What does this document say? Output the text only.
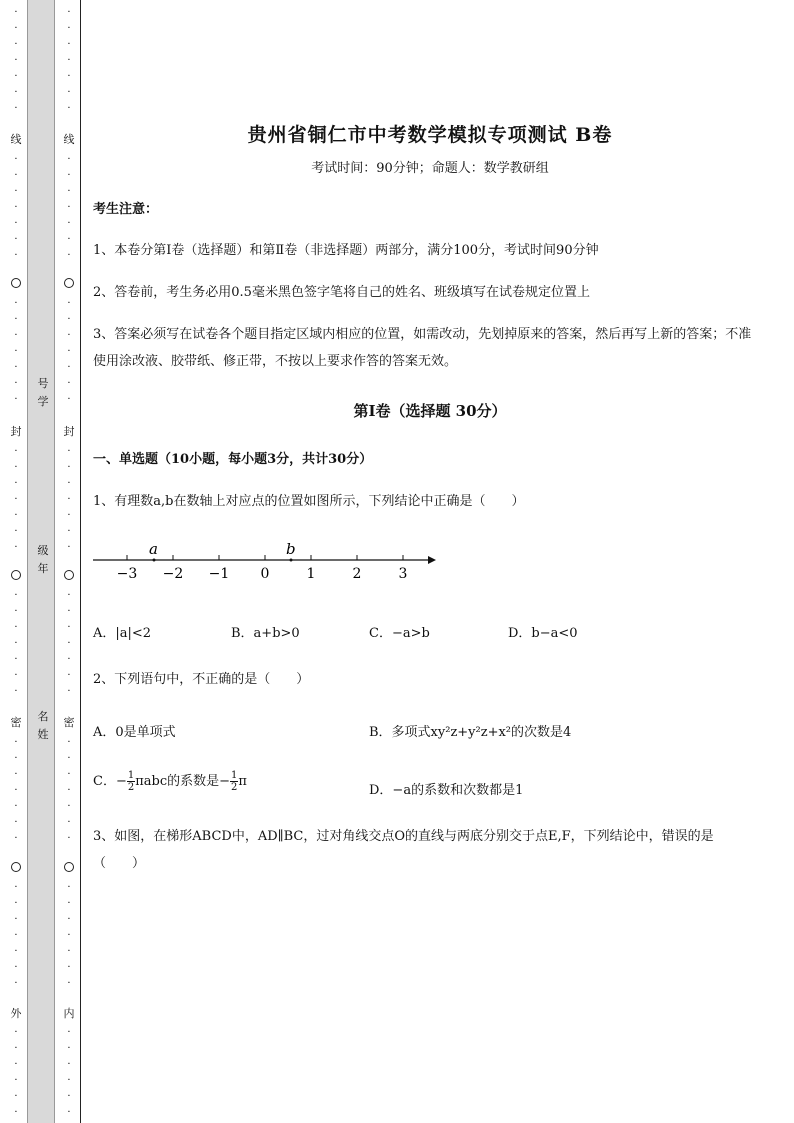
·
·
·
·
·
·
·

线
·
·
·
·
·
·
·

·
·
·
·
·
·
·

封
·
·
·
·
·
·
·

·
·
·
·
·
·
·

密
·
·
·
·
·
·
·

·
·
·
·
·
·
·

外
·
·
·
·
·
·

号学
级年
名姓
·
·
·
·
·
·
·

线
·
·
·
·
·
·
·

·
·
·
·
·
·
·

封
·
·
·
·
·
·
·

·
·
·
·
·
·
·

密
·
·
·
·
·
·
·

·
·
·
·
·
·
·

内
·
·
·
·
·
·

贵州省铜仁市中考数学模拟专项测试 B卷
考试时间：90分钟；命题人：数学教研组
考生注意：
1、本卷分第I卷（选择题）和第Ⅱ卷（非选择题）两部分，满分100分，考试时间90分钟
2、答卷前，考生务必用0.5毫米黑色签字笔将自己的姓名、班级填写在试卷规定位置上
3、答案必须写在试卷各个题目指定区域内相应的位置，如需改动，先划掉原来的答案，然后再写上新的答案；不准使用涂改液、胶带纸、修正带，不按以上要求作答的答案无效。
第I卷（选择题 30分）
一、单选题（10小题，每小题3分，共计30分）
1、有理数a,b在数轴上对应点的位置如图所示，下列结论中正确是（　　）
−3 −2 −1 0	1	2	3
a	b
A．|a|<2	B．a+b>0	C．−a>b	D．b−a<0
2、下列语句中，不正确的是（　　）
A．0是单项式	B．多项式xy²z+y²z+x²的次数是4
C．− $\frac{1}{2}$ πabc的系数是− $\frac{1}{2}$ π
D．−a的系数和次数都是1
3、如图，在梯形ABCD中，AD∥BC，过对角线交点O的直线与两底分别交于点E,F，下列结论中，错误的是（　　）
